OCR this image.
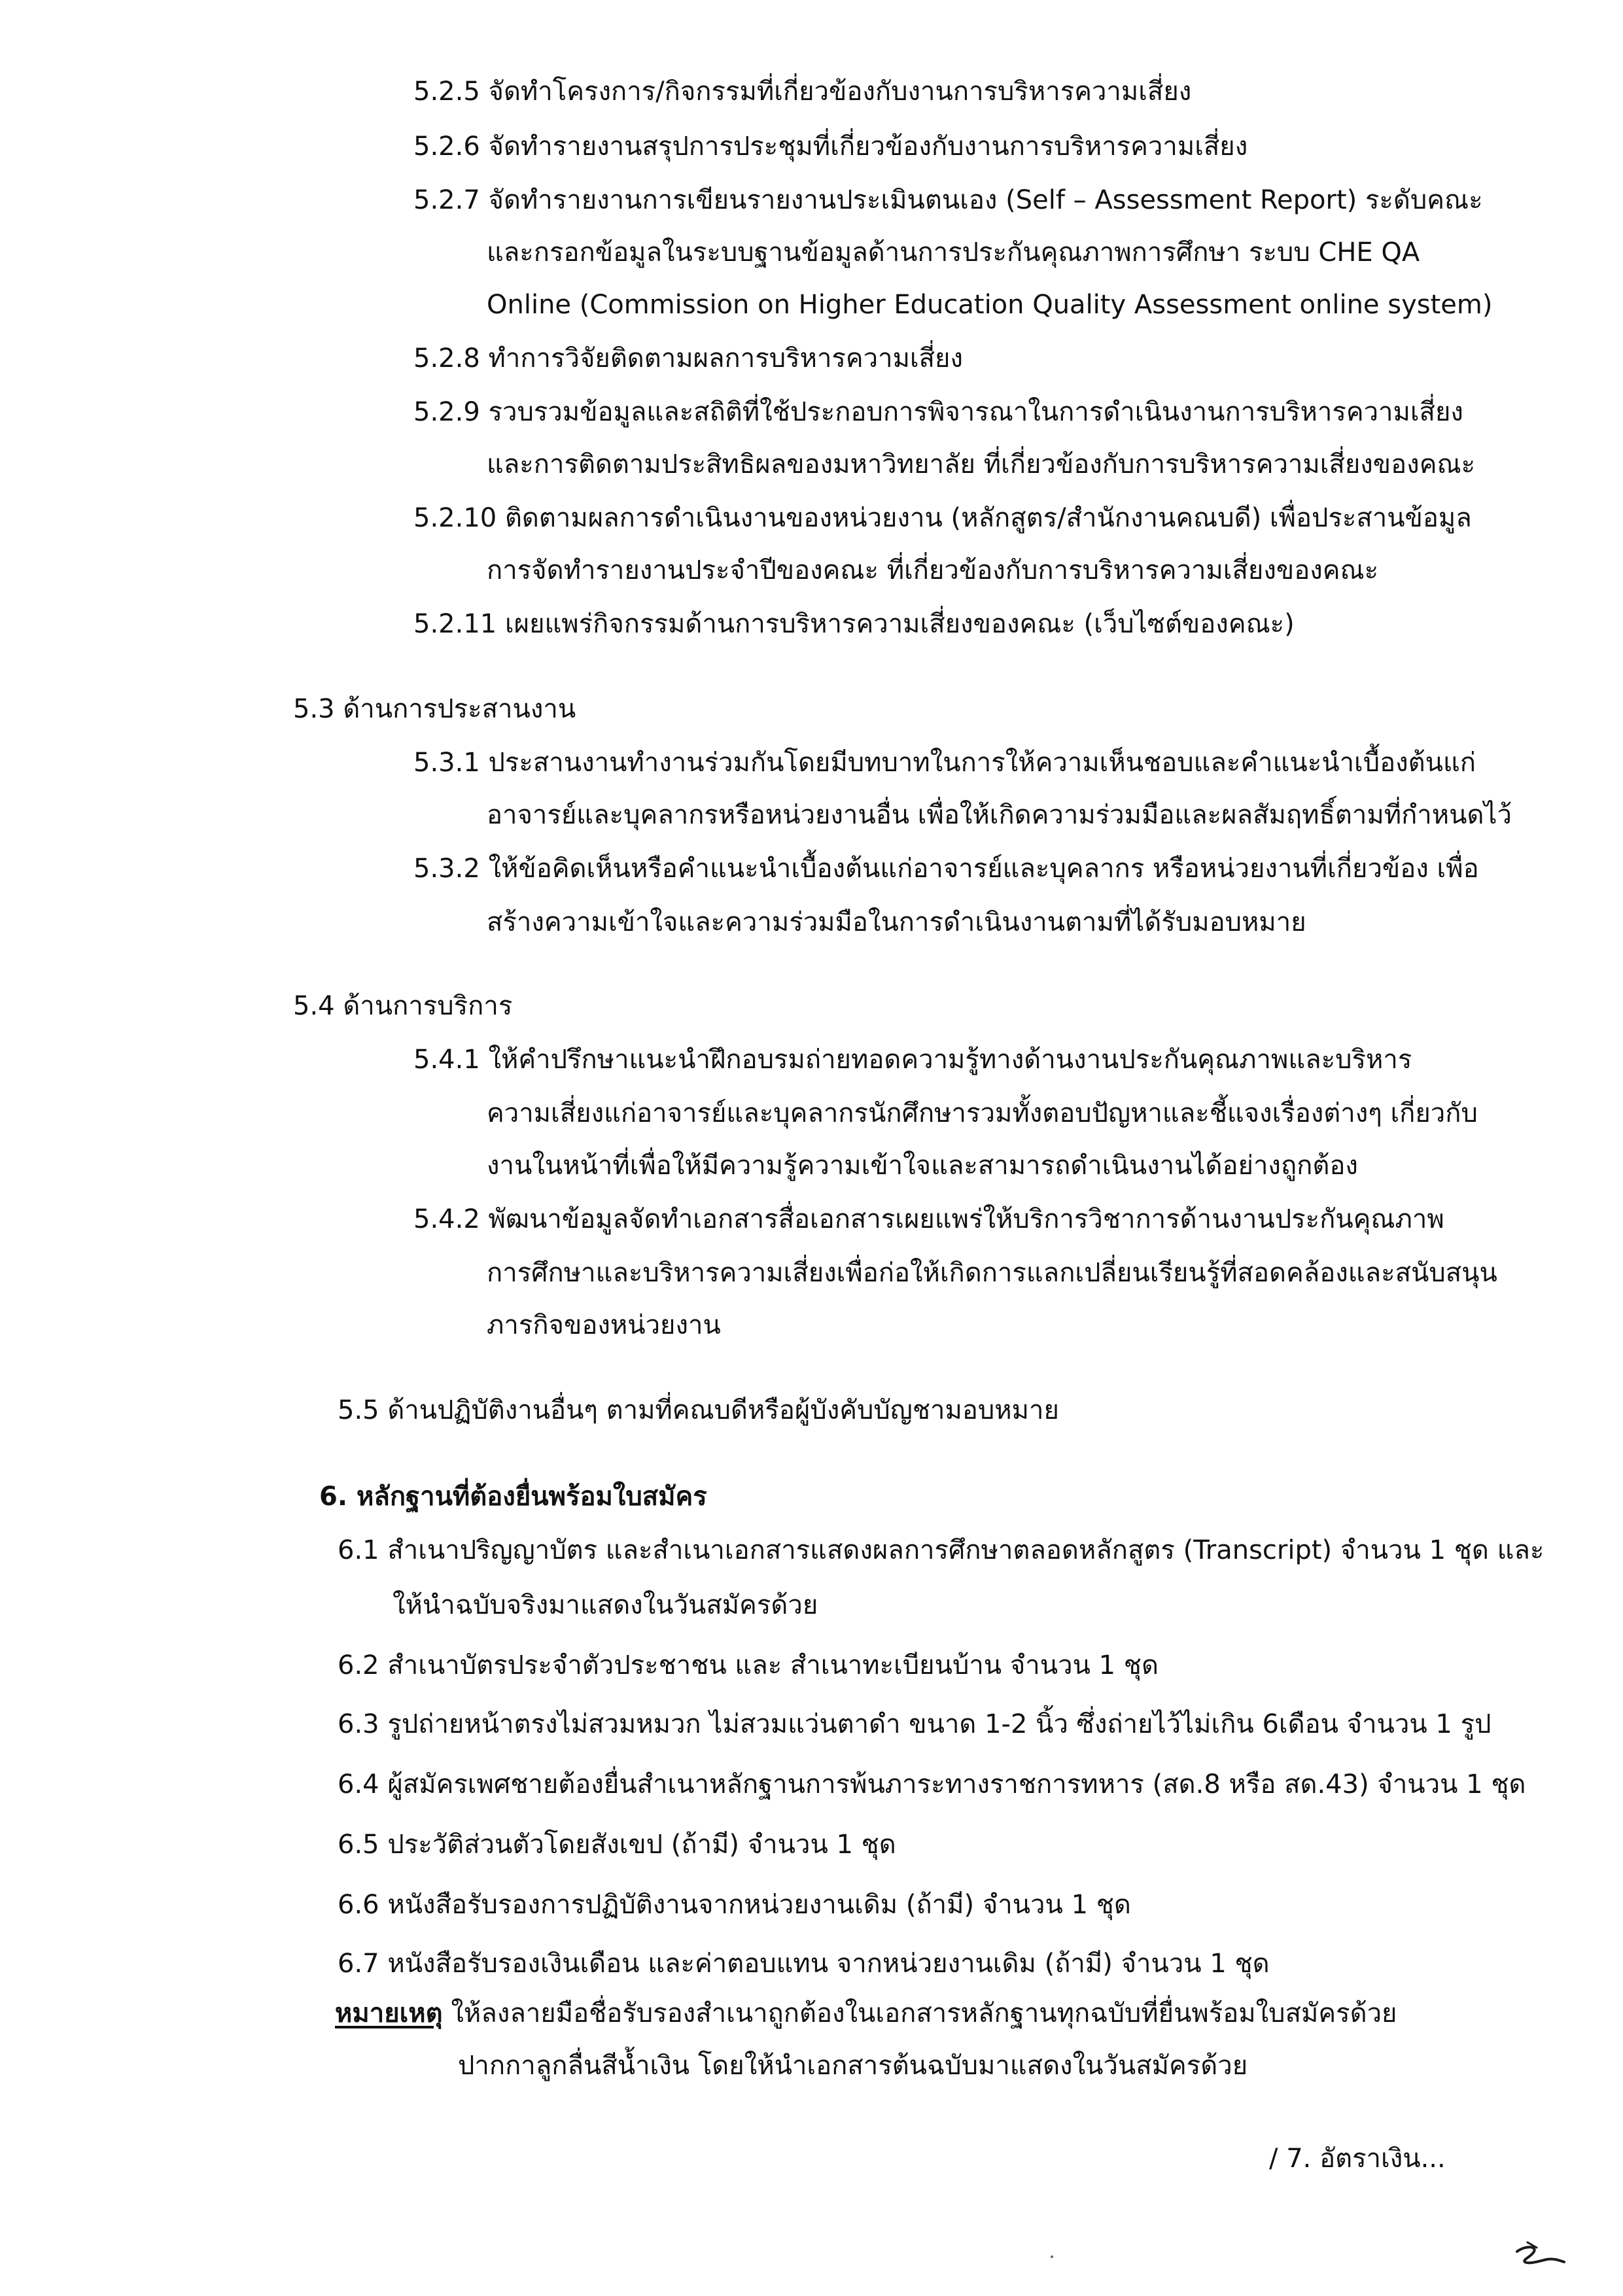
5.2.5 จัดทำโครงการ/กิจกรรมที่เกี่ยวข้องกับงานการบริหารความเสี่ยง
5.2.6 จัดทำรายงานสรุปการประชุมที่เกี่ยวข้องกับงานการบริหารความเสี่ยง
5.2.7 จัดทำรายงานการเขียนรายงานประเมินตนเอง (Self – Assessment Report) ระดับคณะ
และกรอกข้อมูลในระบบฐานข้อมูลด้านการประกันคุณภาพการศึกษา ระบบ CHE QA
Online (Commission on Higher Education Quality Assessment online system)
5.2.8 ทำการวิจัยติดตามผลการบริหารความเสี่ยง
5.2.9 รวบรวมข้อมูลและสถิติที่ใช้ประกอบการพิจารณาในการดำเนินงานการบริหารความเสี่ยง
และการติดตามประสิทธิผลของมหาวิทยาลัย ที่เกี่ยวข้องกับการบริหารความเสี่ยงของคณะ
5.2.10 ติดตามผลการดำเนินงานของหน่วยงาน (หลักสูตร/สำนักงานคณบดี) เพื่อประสานข้อมูล
การจัดทำรายงานประจำปีของคณะ ที่เกี่ยวข้องกับการบริหารความเสี่ยงของคณะ
5.2.11 เผยแพร่กิจกรรมด้านการบริหารความเสี่ยงของคณะ (เว็บไซต์ของคณะ)
5.3 ด้านการประสานงาน
5.3.1 ประสานงานทำงานร่วมกันโดยมีบทบาทในการให้ความเห็นชอบและคำแนะนำเบื้องต้นแก่
อาจารย์และบุคลากรหรือหน่วยงานอื่น เพื่อให้เกิดความร่วมมือและผลสัมฤทธิ์ตามที่กำหนดไว้
5.3.2 ให้ข้อคิดเห็นหรือคำแนะนำเบื้องต้นแก่อาจารย์และบุคลากร หรือหน่วยงานที่เกี่ยวข้อง เพื่อ
สร้างความเข้าใจและความร่วมมือในการดำเนินงานตามที่ได้รับมอบหมาย
5.4 ด้านการบริการ
5.4.1 ให้คำปรึกษาแนะนำฝึกอบรมถ่ายทอดความรู้ทางด้านงานประกันคุณภาพและบริหาร
ความเสี่ยงแก่อาจารย์และบุคลากรนักศึกษารวมทั้งตอบปัญหาและชี้แจงเรื่องต่างๆ เกี่ยวกับ
งานในหน้าที่เพื่อให้มีความรู้ความเข้าใจและสามารถดำเนินงานได้อย่างถูกต้อง
5.4.2 พัฒนาข้อมูลจัดทำเอกสารสื่อเอกสารเผยแพร่ให้บริการวิชาการด้านงานประกันคุณภาพ
การศึกษาและบริหารความเสี่ยงเพื่อก่อให้เกิดการแลกเปลี่ยนเรียนรู้ที่สอดคล้องและสนับสนุน
ภารกิจของหน่วยงาน
5.5 ด้านปฏิบัติงานอื่นๆ ตามที่คณบดีหรือผู้บังคับบัญชามอบหมาย
6. หลักฐานที่ต้องยื่นพร้อมใบสมัคร
6.1 สำเนาปริญญาบัตร และสำเนาเอกสารแสดงผลการศึกษาตลอดหลักสูตร (Transcript) จำนวน 1 ชุด และ
ให้นำฉบับจริงมาแสดงในวันสมัครด้วย
6.2 สำเนาบัตรประจำตัวประชาชน และ สำเนาทะเบียนบ้าน จำนวน 1 ชุด
6.3 รูปถ่ายหน้าตรงไม่สวมหมวก ไม่สวมแว่นตาดำ ขนาด 1-2 นิ้ว ซึ่งถ่ายไว้ไม่เกิน 6เดือน จำนวน 1 รูป
6.4 ผู้สมัครเพศชายต้องยื่นสำเนาหลักฐานการพ้นภาระทางราชการทหาร (สด.8 หรือ สด.43) จำนวน 1 ชุด
6.5 ประวัติส่วนตัวโดยสังเขป (ถ้ามี) จำนวน 1 ชุด
6.6 หนังสือรับรองการปฏิบัติงานจากหน่วยงานเดิม (ถ้ามี) จำนวน 1 ชุด
6.7 หนังสือรับรองเงินเดือน และค่าตอบแทน จากหน่วยงานเดิม (ถ้ามี) จำนวน 1 ชุด
หมายเหตุ ให้ลงลายมือชื่อรับรองสำเนาถูกต้องในเอกสารหลักฐานทุกฉบับที่ยื่นพร้อมใบสมัครด้วย
ปากกาลูกลื่นสีน้ำเงิน โดยให้นำเอกสารต้นฉบับมาแสดงในวันสมัครด้วย
/ 7. อัตราเงิน...
